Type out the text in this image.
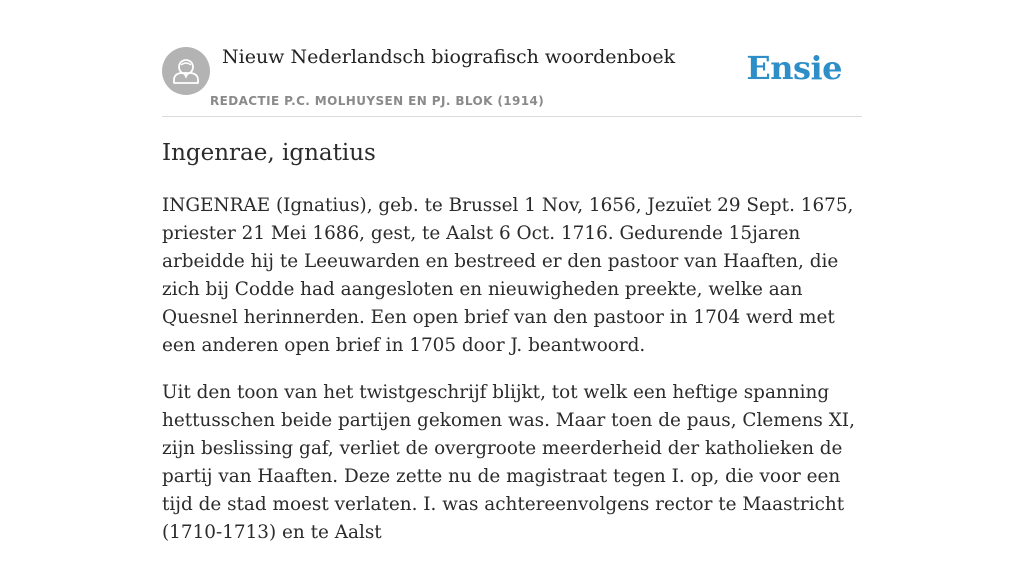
Nieuw Nederlandsch biografisch woordenboek
REDACTIE P.C. MOLHUYSEN EN PJ. BLOK (1914)
Ensie
Ingenrae, ignatius

INGENRAE (Ignatius), geb. te Brussel 1 Nov, 1656, Jezuïet 29 Sept. 1675, priester 21 Mei 1686, gest, te Aalst 6 Oct. 1716. Gedurende 15jaren arbeidde hij te Leeuwarden en bestreed er den pastoor van Haaften, die zich bij Codde had aangesloten en nieuwigheden preekte, welke aan Quesnel herinnerden. Een open brief van den pastoor in 1704 werd met een anderen open brief in 1705 door J. beantwoord.

Uit den toon van het twistgeschrijf blijkt, tot welk een heftige spanning hettusschen beide partijen gekomen was. Maar toen de paus, Clemens XI, zijn beslissing gaf, verliet de overgroote meerderheid der katholieken de partij van Haaften. Deze zette nu de magistraat tegen I. op, die voor een tijd de stad moest verlaten. I. was achtereenvolgens rector te Maastricht (1710-1713) en te Aalst
